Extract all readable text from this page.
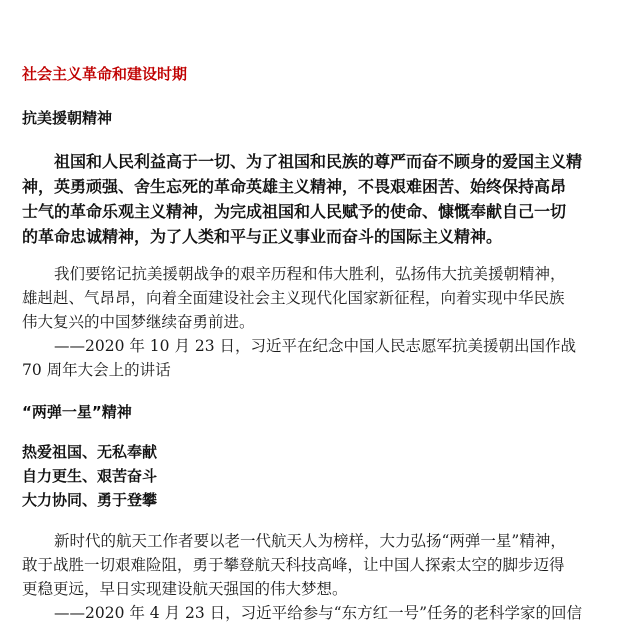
社会主义革命和建设时期
抗美援朝精神
祖国和人民利益高于一切、为了祖国和民族的尊严而奋不顾身的爱国主义精
神，英勇顽强、舍生忘死的革命英雄主义精神，不畏艰难困苦、始终保持高昂
士气的革命乐观主义精神，为完成祖国和人民赋予的使命、慷慨奉献自己一切
的革命忠诚精神，为了人类和平与正义事业而奋斗的国际主义精神。
我们要铭记抗美援朝战争的艰辛历程和伟大胜利，弘扬伟大抗美援朝精神，
雄赳赳、气昂昂，向着全面建设社会主义现代化国家新征程，向着实现中华民族
伟大复兴的中国梦继续奋勇前进。
——2020 年 10 月 23 日，习近平在纪念中国人民志愿军抗美援朝出国作战
70 周年大会上的讲话
“两弹一星”精神
热爱祖国、无私奉献
自力更生、艰苦奋斗
大力协同、勇于登攀
新时代的航天工作者要以老一代航天人为榜样，大力弘扬“两弹一星”精神，
敢于战胜一切艰难险阻，勇于攀登航天科技高峰，让中国人探索太空的脚步迈得
更稳更远，早日实现建设航天强国的伟大梦想。
——2020 年 4 月 23 日，习近平给参与“东方红一号”任务的老科学家的回信
